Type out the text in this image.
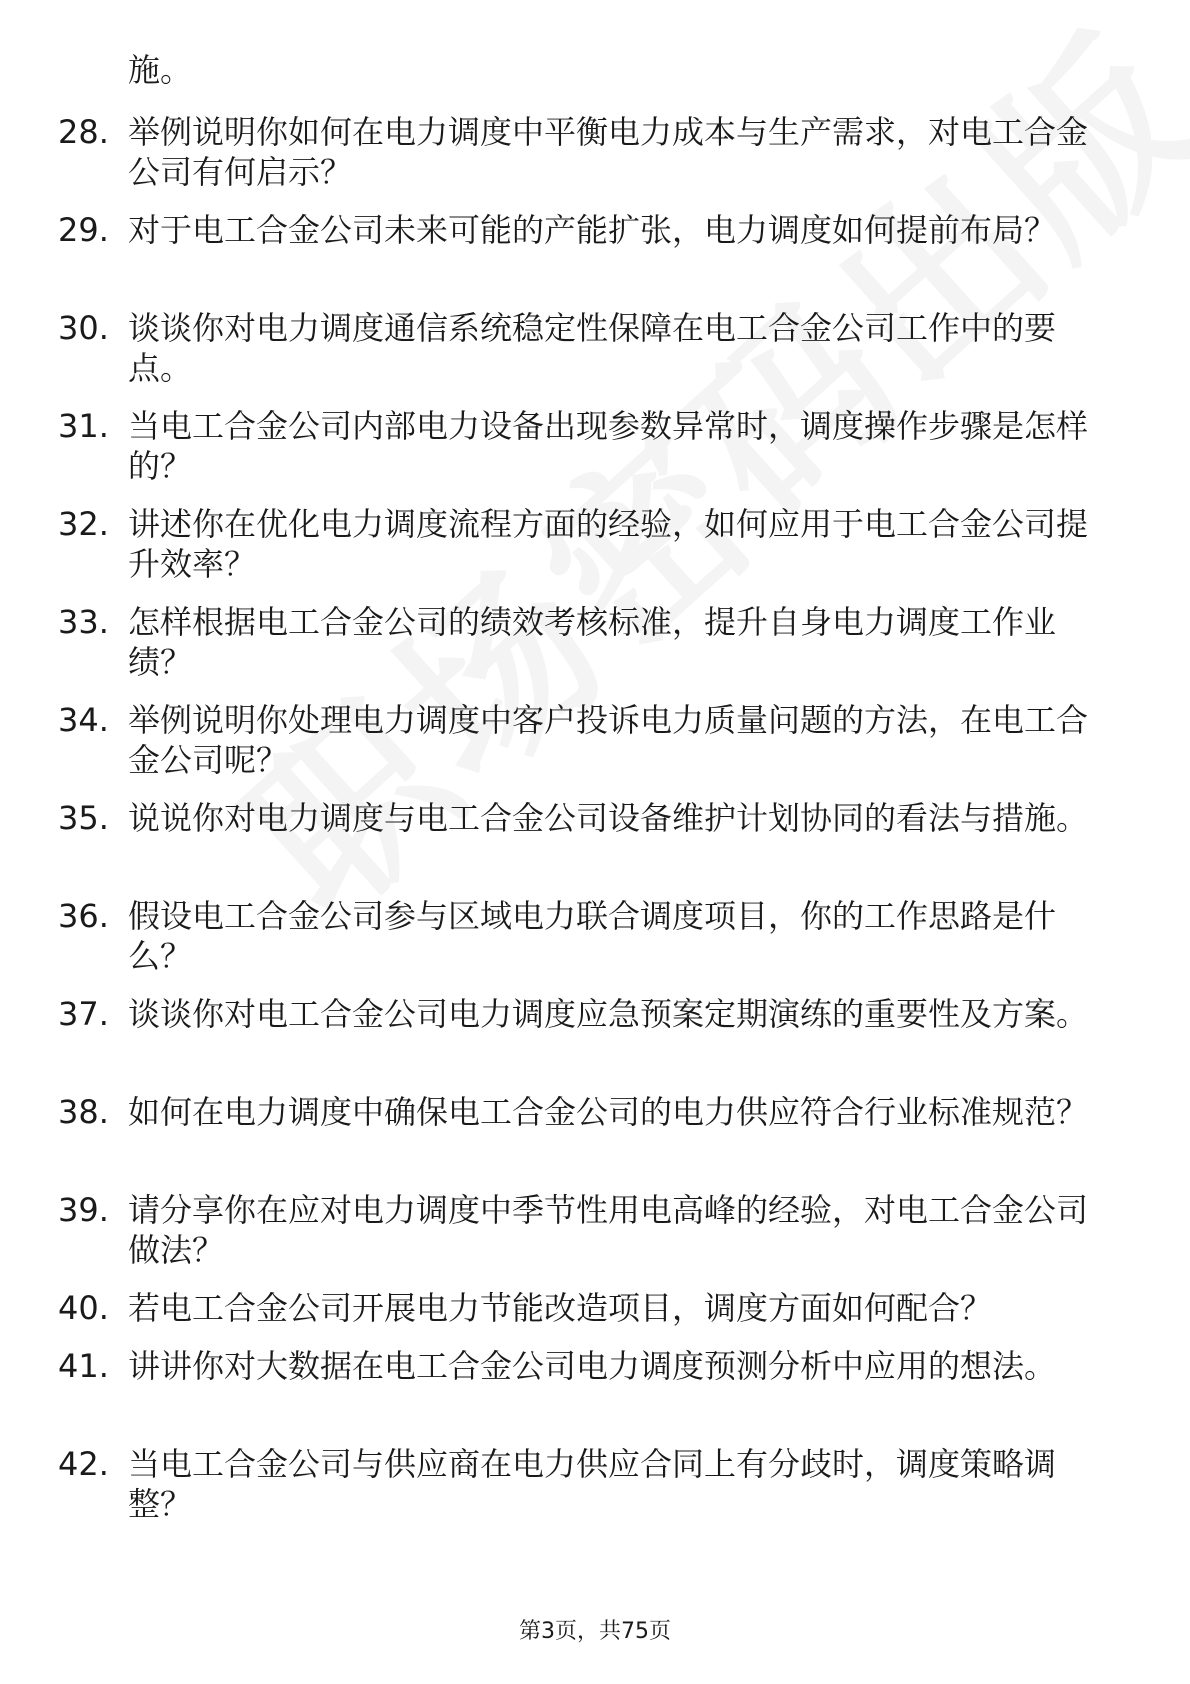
施。
28. 举例说明你如何在电力调度中平衡电力成本与生产需求，对电工合金公司有何启示？
29. 对于电工合金公司未来可能的产能扩张，电力调度如何提前布局？
30. 谈谈你对电力调度通信系统稳定性保障在电工合金公司工作中的要点。
31. 当电工合金公司内部电力设备出现参数异常时，调度操作步骤是怎样的？
32. 讲述你在优化电力调度流程方面的经验，如何应用于电工合金公司提升效率？
33. 怎样根据电工合金公司的绩效考核标准，提升自身电力调度工作业绩？
34. 举例说明你处理电力调度中客户投诉电力质量问题的方法，在电工合金公司呢？
35. 说说你对电力调度与电工合金公司设备维护计划协同的看法与措施。
36. 假设电工合金公司参与区域电力联合调度项目，你的工作思路是什么？
37. 谈谈你对电工合金公司电力调度应急预案定期演练的重要性及方案。
38. 如何在电力调度中确保电工合金公司的电力供应符合行业标准规范？
39. 请分享你在应对电力调度中季节性用电高峰的经验，对电工合金公司做法？
40. 若电工合金公司开展电力节能改造项目，调度方面如何配合？
41. 讲讲你对大数据在电工合金公司电力调度预测分析中应用的想法。
42. 当电工合金公司与供应商在电力供应合同上有分歧时，调度策略调整？
第3页，共75页
